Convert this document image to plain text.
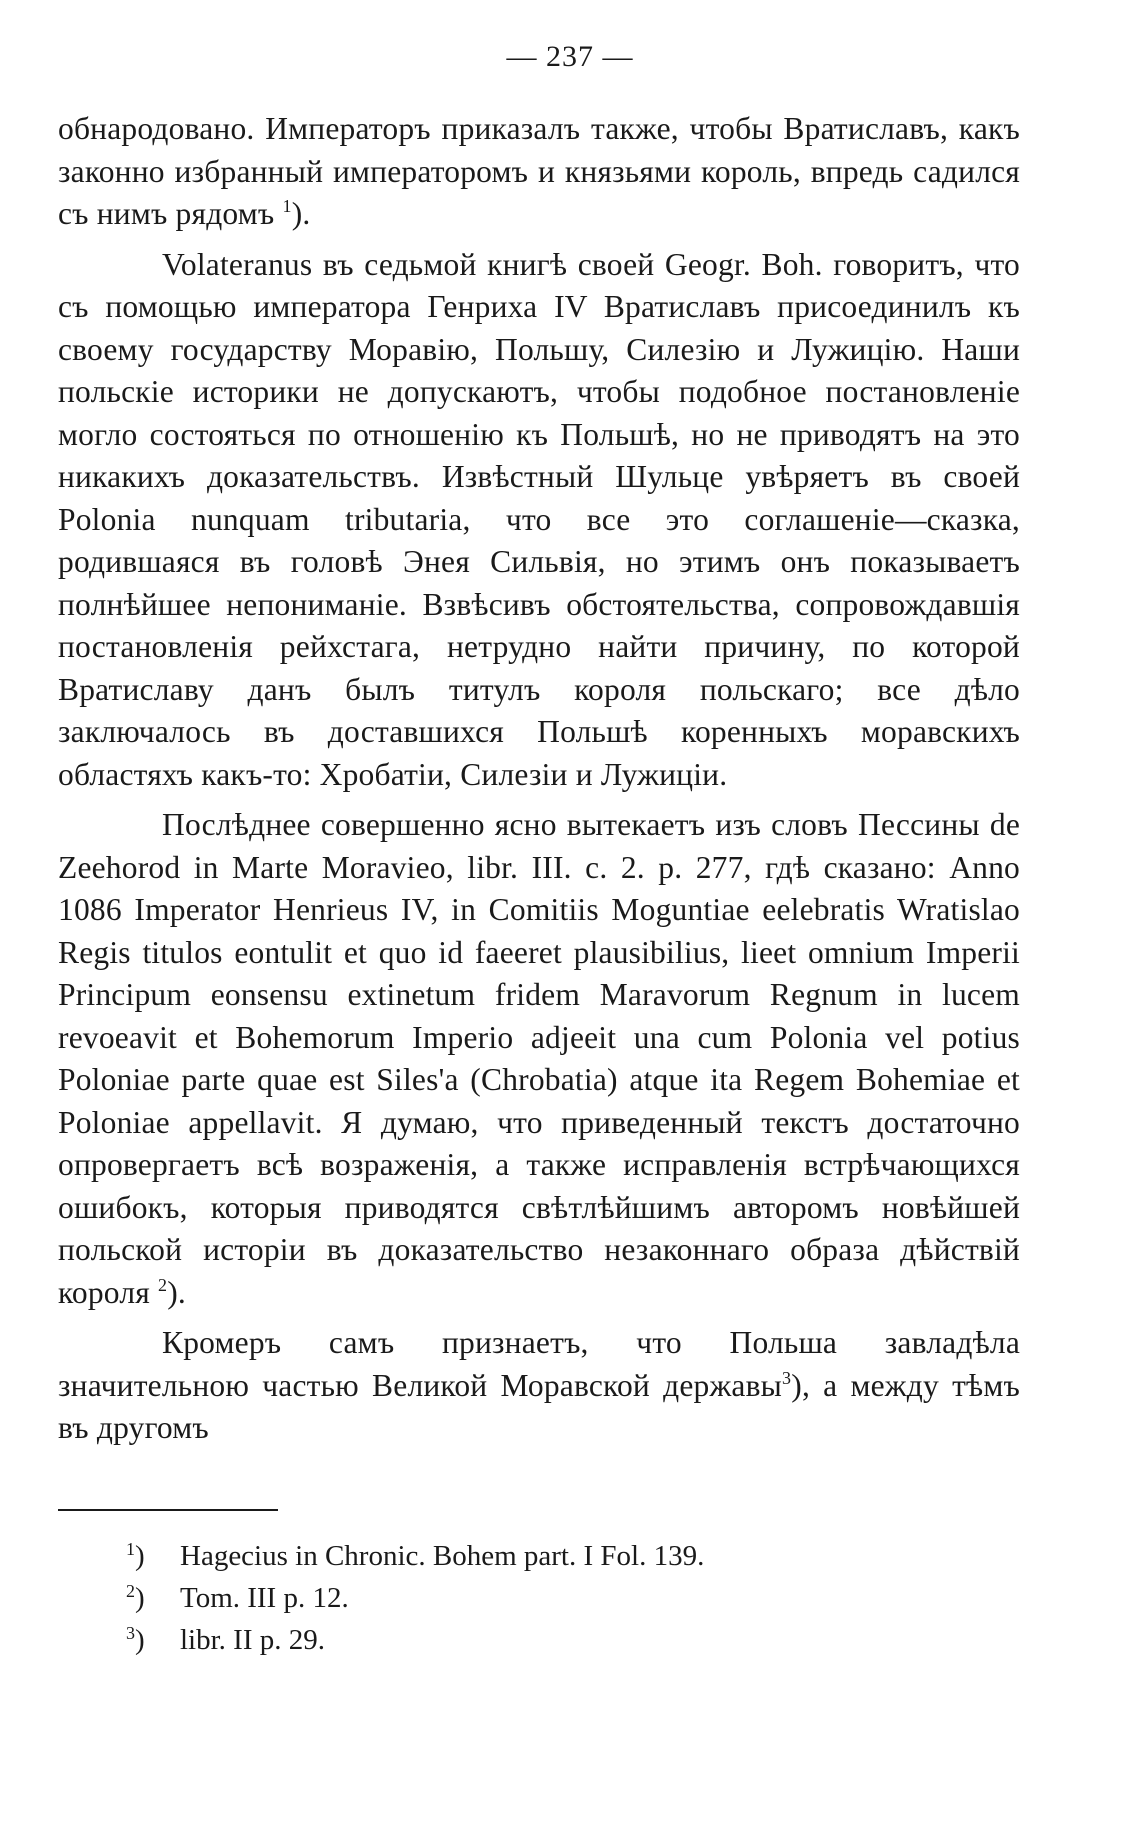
— 237 —

обнародовано. Императоръ приказалъ также, чтобы Вратиславъ, какъ законно избранный императоромъ и князьями король, впредь садился съ нимъ рядомъ $^1$).

Volateranus въ седьмой книгѣ своей Geogr. Boh. говоритъ, что съ помощью императора Генриха IV Вратиславъ присоединилъ къ своему государству Моравію, Польшу, Силезію и Лужицію. Наши польскіе историки не допускаютъ, чтобы подобное постановленіе могло состояться по отношенію къ Польшѣ, но не приводятъ на это никакихъ доказательствъ. Извѣстный Шульцe увѣряетъ въ своей Polonia nunquam tributaria, что все это соглашеніе—сказка, родившаяся въ головѣ Энея Сильвія, но этимъ онъ показываетъ полнѣйшее непониманіе. Взвѣсивъ обстоятельства, сопровождавшія постановленія рейхстага, нетрудно найти причину, по которой Вратиславу данъ былъ титулъ короля польскаго; все дѣло заключалось въ доставшихся Польшѣ коренныхъ моравскихъ областяхъ какъ-то: Хробатіи, Силезіи и Лужиціи.

Послѣднее совершенно ясно вытекаетъ изъ словъ Пессины de Zeehorod in Marte Moravieo, libr. III. c. 2. p. 277, гдѣ сказано: Anno 1086 Imperator Henrieus IV, in Comitiis Moguntiae eelebratis Wratislao Regis titulos eontulit et quo id faeeret plausibilius, lieet omnium Imperii Principum eonsensu extinetum fridem Maravorum Regnum in lucem revoeavit et Bohemorum Imperio adjeeit una cum Polonia vel potius Poloniae parte quae est Siles'a (Chrobatia) atque ita Regem Bohemiae et Poloniae appellavit. Я думаю, что приведенный текстъ достаточно опровергаетъ всѣ возраженія, а также исправленія встрѣчающихся ошибокъ, которыя приводятся свѣтлѣйшимъ авторомъ новѣйшей польской исторіи въ доказательство незаконнаго образа дѣйствій короля $^2$).

Кромеръ самъ признаетъ, что Польша завладѣла значительною частью Великой Моравской державы$^3$), а между тѣмъ въ другомъ

$^1$)	Hagecius in Chronic. Bohem part. I Fol. 139.
$^2$)	Tom. III p. 12.
$^3$)	libr. II p. 29.
